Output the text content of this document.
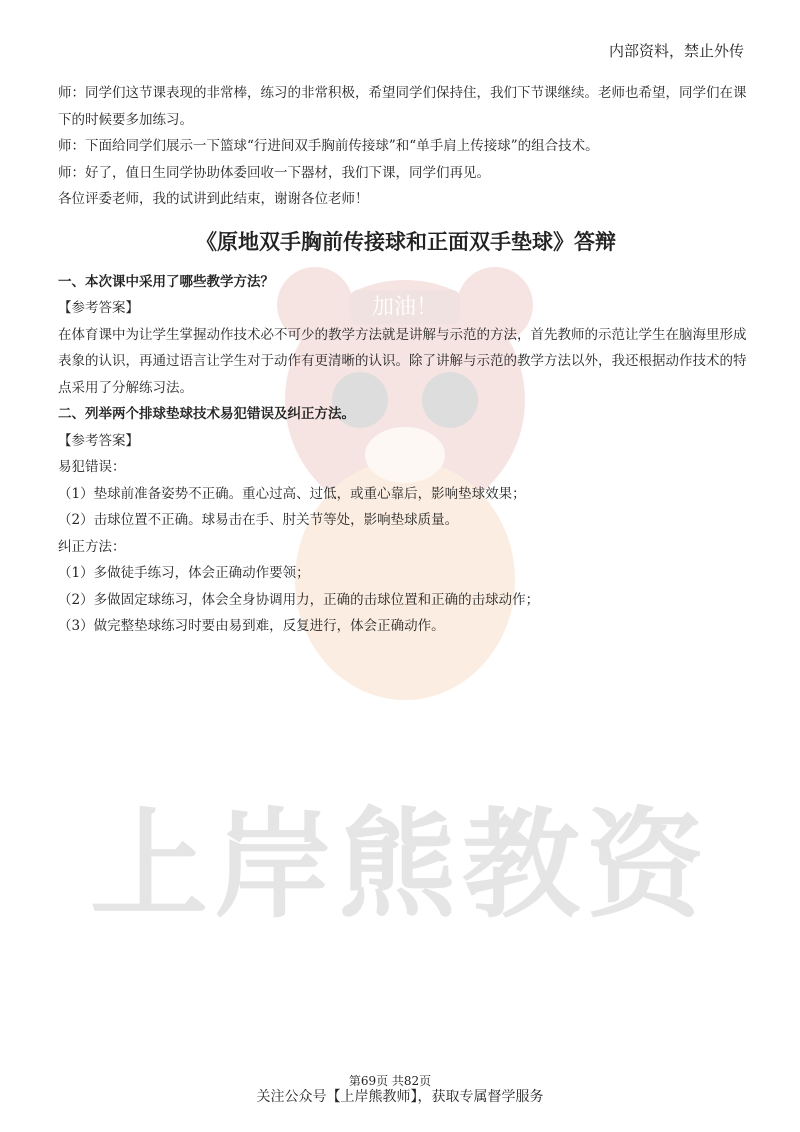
加油！
上岸熊教资
内部资料，禁止外传

师：同学们这节课表现的非常棒，练习的非常积极，希望同学们保持住，我们下节课继续。老师也希望，同学们在课下的时候要多加练习。

师：下面给同学们展示一下篮球“行进间双手胸前传接球”和“单手肩上传接球”的组合技术。

师：好了，值日生同学协助体委回收一下器材，我们下课，同学们再见。

各位评委老师，我的试讲到此结束，谢谢各位老师！

《原地双手胸前传接球和正面双手垫球》答辩

一、本次课中采用了哪些教学方法？

【参考答案】

在体育课中为让学生掌握动作技术必不可少的教学方法就是讲解与示范的方法，首先教师的示范让学生在脑海里形成表象的认识，再通过语言让学生对于动作有更清晰的认识。除了讲解与示范的教学方法以外，我还根据动作技术的特点采用了分解练习法。

二、列举两个排球垫球技术易犯错误及纠正方法。

【参考答案】

易犯错误：

（1）垫球前准备姿势不正确。重心过高、过低，或重心靠后，影响垫球效果；

（2）击球位置不正确。球易击在手、肘关节等处，影响垫球质量。

纠正方法：

（1）多做徒手练习，体会正确动作要领；

（2）多做固定球练习，体会全身协调用力，正确的击球位置和正确的击球动作；

（3）做完整垫球练习时要由易到难，反复进行，体会正确动作。

第69页 共82页
关注公众号【上岸熊教师】，获取专属督学服务
